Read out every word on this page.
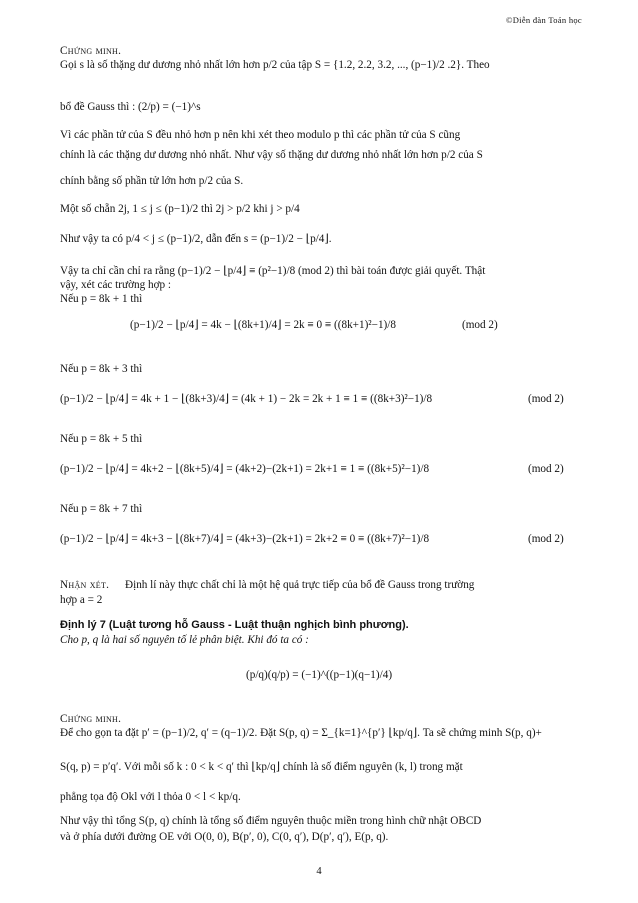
©Diễn đàn Toán học
Chứng minh.
Gọi s là số thặng dư dương nhỏ nhất lớn hơn p/2 của tập S = {1.2, 2.2, 3.2, ..., (p−1)/2 .2}. Theo
bổ đề Gauss thì : (2/p) = (−1)^s
Vì các phần tử của S đều nhỏ hơn p nên khi xét theo modulo p thì các phần tử của S cũng
chính là các thặng dư dương nhỏ nhất. Như vậy số thặng dư dương nhỏ nhất lớn hơn p/2 của S
chính bằng số phần tử lớn hơn p/2 của S.
Một số chẵn 2j, 1 ≤ j ≤ (p−1)/2 thì 2j > p/2 khi j > p/4
Như vậy ta có p/4 < j ≤ (p−1)/2, dẫn đến s = (p−1)/2 − ⌊p/4⌋.
Vậy ta chỉ cần chỉ ra rằng (p−1)/2 − ⌊p/4⌋ ≡ (p²−1)/8 (mod 2) thì bài toán được giải quyết. Thật
vậy, xét các trường hợp :
Nếu p = 8k + 1 thì
(p−1)/2 − ⌊p/4⌋ = 4k − ⌊(8k+1)/4⌋ = 2k ≡ 0 ≡ ((8k+1)²−1)/8	(mod 2)
Nếu p = 8k + 3 thì
(p−1)/2 − ⌊p/4⌋ = 4k + 1 − ⌊(8k+3)/4⌋ = (4k + 1) − 2k = 2k + 1 ≡ 1 ≡ ((8k+3)²−1)/8	(mod 2)
Nếu p = 8k + 5 thì
(p−1)/2 − ⌊p/4⌋ = 4k+2 − ⌊(8k+5)/4⌋ = (4k+2)−(2k+1) = 2k+1 ≡ 1 ≡ ((8k+5)²−1)/8	(mod 2)
Nếu p = 8k + 7 thì
(p−1)/2 − ⌊p/4⌋ = 4k+3 − ⌊(8k+7)/4⌋ = (4k+3)−(2k+1) = 2k+2 ≡ 0 ≡ ((8k+7)²−1)/8	(mod 2)
Nhận xét. Định lí này thực chất chỉ là một hệ quả trực tiếp của bổ đề Gauss trong trường
hợp a = 2
Định lý 7 (Luật tương hỗ Gauss - Luật thuận nghịch bình phương).
Cho p, q là hai số nguyên tố lẻ phân biệt. Khi đó ta có :
(p/q)(q/p) = (−1)^((p−1)(q−1)/4)
Chứng minh.
Để cho gọn ta đặt p′ = (p−1)/2, q′ = (q−1)/2. Đặt S(p, q) = Σ_{k=1}^{p′} ⌊kp/q⌋. Ta sẽ chứng minh S(p, q)+
S(q, p) = p′q′. Với mỗi số k : 0 < k < q′ thì ⌊kp/q⌋ chính là số điểm nguyên (k, l) trong mặt
phẳng tọa độ Okl với l thỏa 0 < l < kp/q.
Như vậy thì tổng S(p, q) chính là tổng số điểm nguyên thuộc miền trong hình chữ nhật OBCD
và ở phía dưới đường OE với O(0, 0), B(p′, 0), C(0, q′), D(p′, q′), E(p, q).
4
